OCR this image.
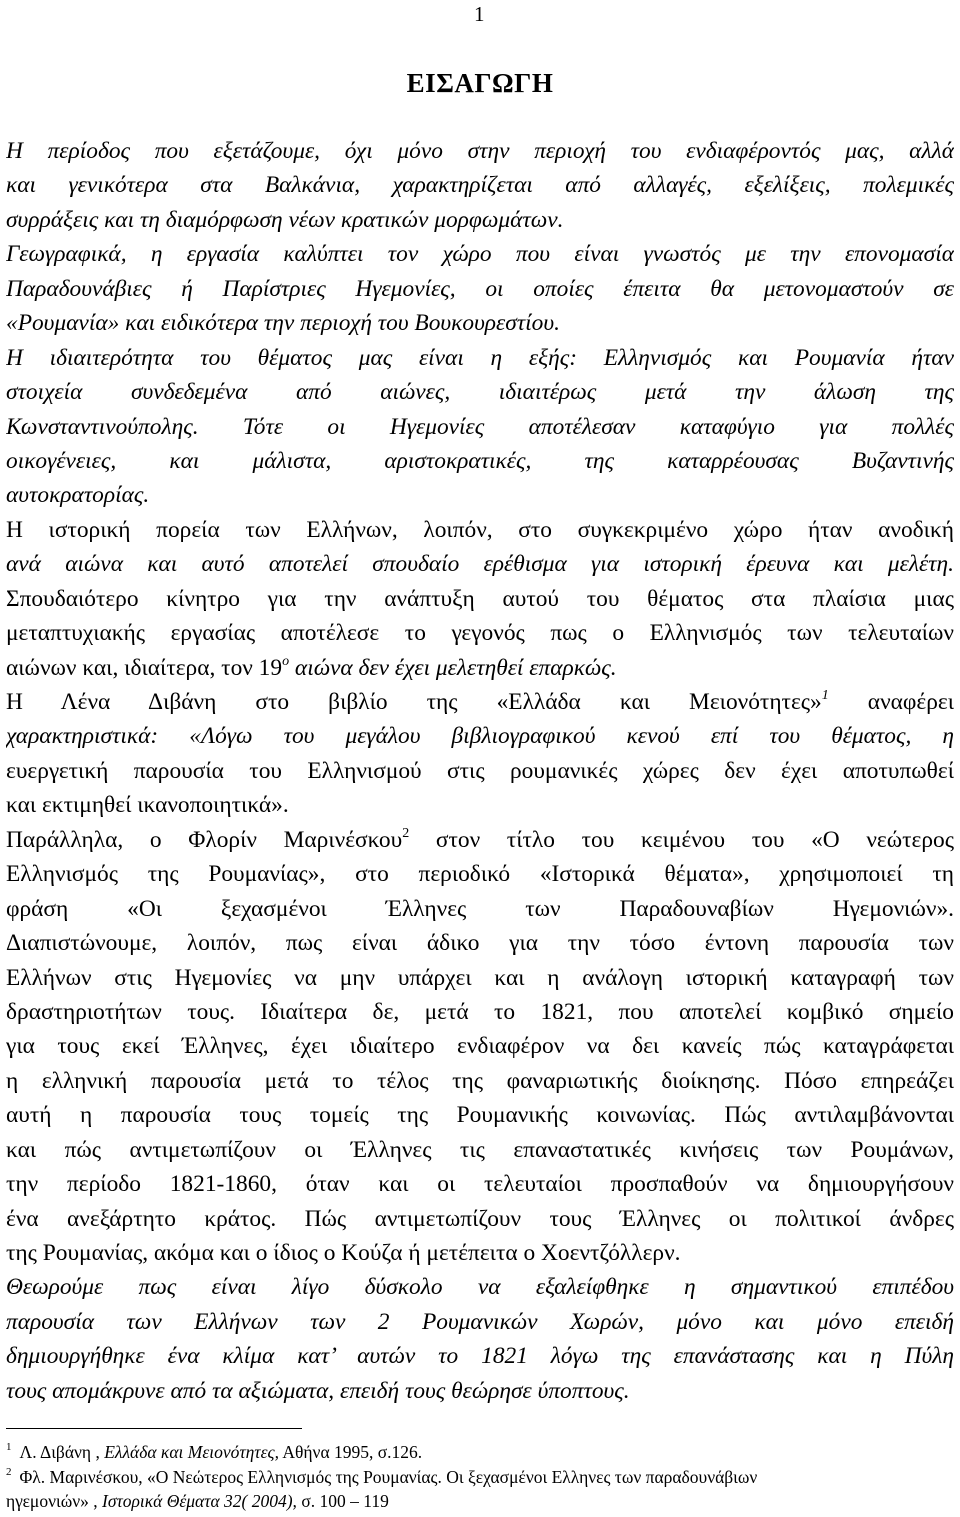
1
ΕΙΣΑΓΩΓΗ
Η περίοδος που εξετάζουμε, όχι μόνο στην περιοχή του ενδιαφέροντός μας, αλλά
και γενικότερα στα Βαλκάνια, χαρακτηρίζεται από αλλαγές, εξελίξεις, πολεμικές
συρράξεις και τη διαμόρφωση νέων κρατικών μορφωμάτων.
Γεωγραφικά, η εργασία καλύπτει τον χώρο που είναι γνωστός με την επονομασία
Παραδουνάβιες ή Παρίστριες Ηγεμονίες, οι οποίες έπειτα θα μετονομαστούν σε
«Ρουμανία» και ειδικότερα την περιοχή του Βουκουρεστίου.
Η ιδιαιτερότητα του θέματος μας είναι η εξής: Ελληνισμός και Ρουμανία ήταν
στοιχεία συνδεδεμένα από αιώνες, ιδιαιτέρως μετά την άλωση της
Κωνσταντινούπολης. Τότε οι Ηγεμονίες αποτέλεσαν καταφύγιο για πολλές
οικογένειες, και μάλιστα, αριστοκρατικές, της καταρρέουσας Βυζαντινής
αυτοκρατορίας.
Η ιστορική πορεία των Ελλήνων, λοιπόν, στο συγκεκριμένο χώρο ήταν ανοδική
ανά αιώνα και αυτό αποτελεί σπουδαίο ερέθισμα για ιστορική έρευνα και μελέτη.
Σπουδαιότερο κίνητρο για την ανάπτυξη αυτού του θέματος στα πλαίσια μιας
μεταπτυχιακής εργασίας αποτέλεσε το γεγονός πως ο Ελληνισμός των τελευταίων
αιώνων και, ιδιαίτερα, τον $19^o$ αιώνα δεν έχει μελετηθεί επαρκώς.
Η Λένα Διβάνη στο βιβλίο της «Ελλάδα και Μειονότητες»$^1$ αναφέρει
χαρακτηριστικά: «Λόγω του μεγάλου βιβλιογραφικού κενού επί του θέματος, η
ευεργετική παρουσία του Ελληνισμού στις ρουμανικές χώρες δεν έχει αποτυπωθεί
και εκτιμηθεί ικανοποιητικά».
Παράλληλα, ο Φλορίν Μαρινέσκου$^2$ στον τίτλο του κειμένου του «Ο νεώτερος
Ελληνισμός της Ρουμανίας», στο περιοδικό «Ιστορικά θέματα», χρησιμοποιεί τη
φράση «Οι ξεχασμένοι Έλληνες των Παραδουναβίων Ηγεμονιών».
Διαπιστώνουμε, λοιπόν, πως είναι άδικο για την τόσο έντονη παρουσία των
Ελλήνων στις Ηγεμονίες να μην υπάρχει και η ανάλογη ιστορική καταγραφή των
δραστηριοτήτων τους. Ιδιαίτερα δε, μετά το 1821, που αποτελεί κομβικό σημείο
για τους εκεί Έλληνες, έχει ιδιαίτερο ενδιαφέρον να δει κανείς πώς καταγράφεται
η ελληνική παρουσία μετά το τέλος της φαναριωτικής διοίκησης. Πόσο επηρεάζει
αυτή η παρουσία τους τομείς της Ρουμανικής κοινωνίας. Πώς αντιλαμβάνονται
και πώς αντιμετωπίζουν οι Έλληνες τις επαναστατικές κινήσεις των Ρουμάνων,
την περίοδο 1821-1860, όταν και οι τελευταίοι προσπαθούν να δημιουργήσουν
ένα ανεξάρτητο κράτος. Πώς αντιμετωπίζουν τους Έλληνες οι πολιτικοί άνδρες
της Ρουμανίας, ακόμα και ο ίδιος ο Κούζα ή μετέπειτα ο Χοεντζόλλερν.
Θεωρούμε πως είναι λίγο δύσκολο να εξαλείφθηκε η σημαντικού επιπέδου
παρουσία των Ελλήνων των 2 Ρουμανικών Χωρών, μόνο και μόνο επειδή
δημιουργήθηκε ένα κλίμα κατ’ αυτών το 1821 λόγω της επανάστασης και η Πύλη
τους απομάκρυνε από τα αξιώματα, επειδή τους θεώρησε ύποπτους.
$^1$ Λ. Διβάνη , Ελλάδα και Μειονότητες, Αθήνα 1995, σ.126.
$^2$ Φλ. Μαρινέσκου, «Ο Νεώτερος Ελληνισμός της Ρουμανίας. Οι ξεχασμένοι Ελληνες των παραδουνάβιων
ηγεμονιών» , Ιστορικά Θέματα 32( 2004), σ. 100 – 119
